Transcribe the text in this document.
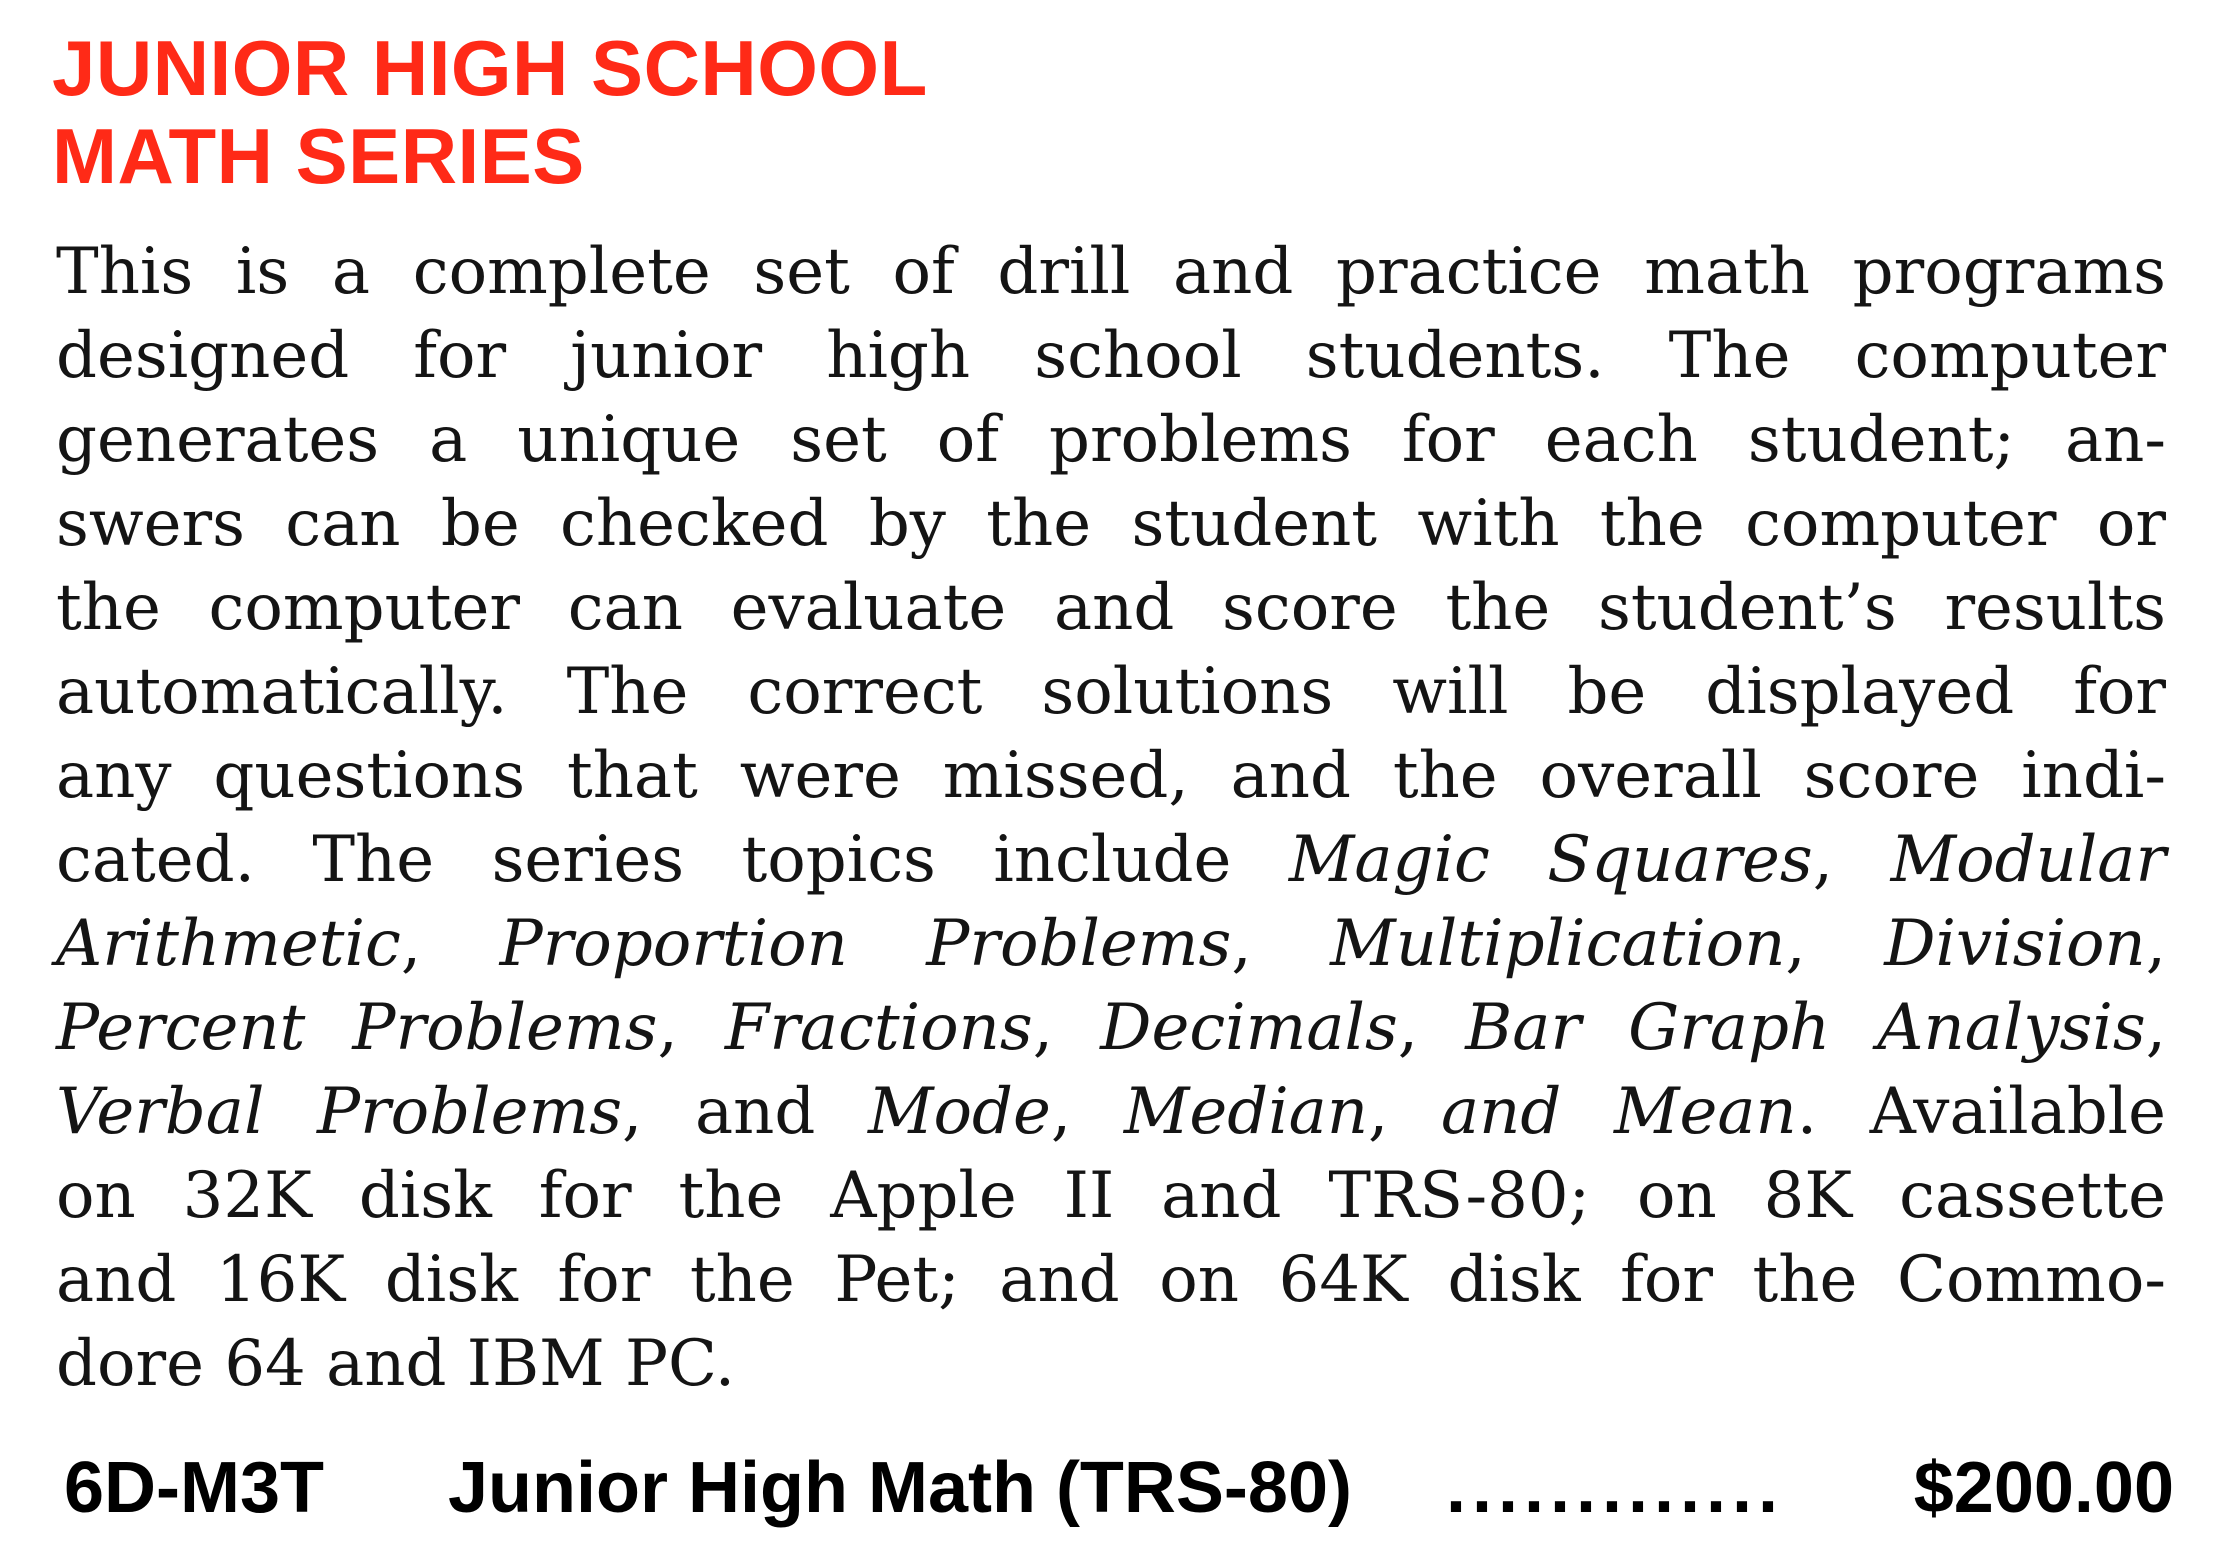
JUNIOR HIGH SCHOOL
MATH SERIES
This is a complete set of drill and practice math programs
designed for junior high school students. The computer
generates a unique set of problems for each student; an-
swers can be checked by the student with the computer or
the computer can evaluate and score the student’s results
automatically. The correct solutions will be displayed for
any questions that were missed, and the overall score indi-
cated. The series topics include Magic Squares, Modular
Arithmetic, Proportion Problems, Multiplication, Division,
Percent Problems, Fractions, Decimals, Bar Graph Analysis,
Verbal Problems, and Mode, Median, and Mean. Available
on 32K disk for the Apple II and TRS-80; on 8K cassette
and 16K disk for the Pet; and on 64K disk for the Commo-
dore 64 and IBM PC.
6D-M3T Junior High Math (TRS-80) ............. $200.00
